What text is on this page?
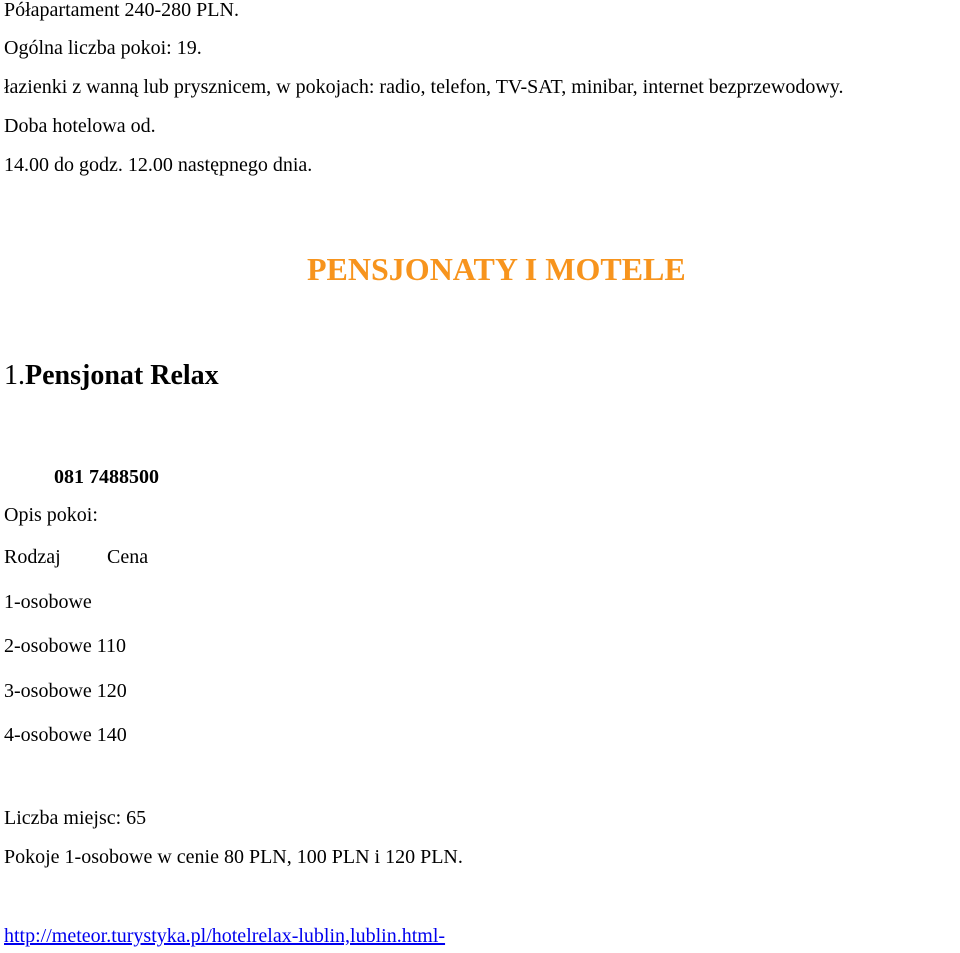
Półapartament 240-280 PLN.
Ogólna liczba pokoi: 19.
łazienki z wanną lub prysznicem, w pokojach: radio, telefon, TV-SAT, minibar, internet bezprzewodowy.
Doba hotelowa od.
14.00 do godz. 12.00 następnego dnia.
PENSJONATY I MOTELE
1.Pensjonat Relax
081 7488500
Opis pokoi:
Rodzaj Cena
1-osobowe
2-osobowe 110
3-osobowe 120
4-osobowe 140
Liczba miejsc: 65
Pokoje 1-osobowe w cenie 80 PLN, 100 PLN i 120 PLN.
http://meteor.turystyka.pl/hotelrelax-lublin,lublin.html-
